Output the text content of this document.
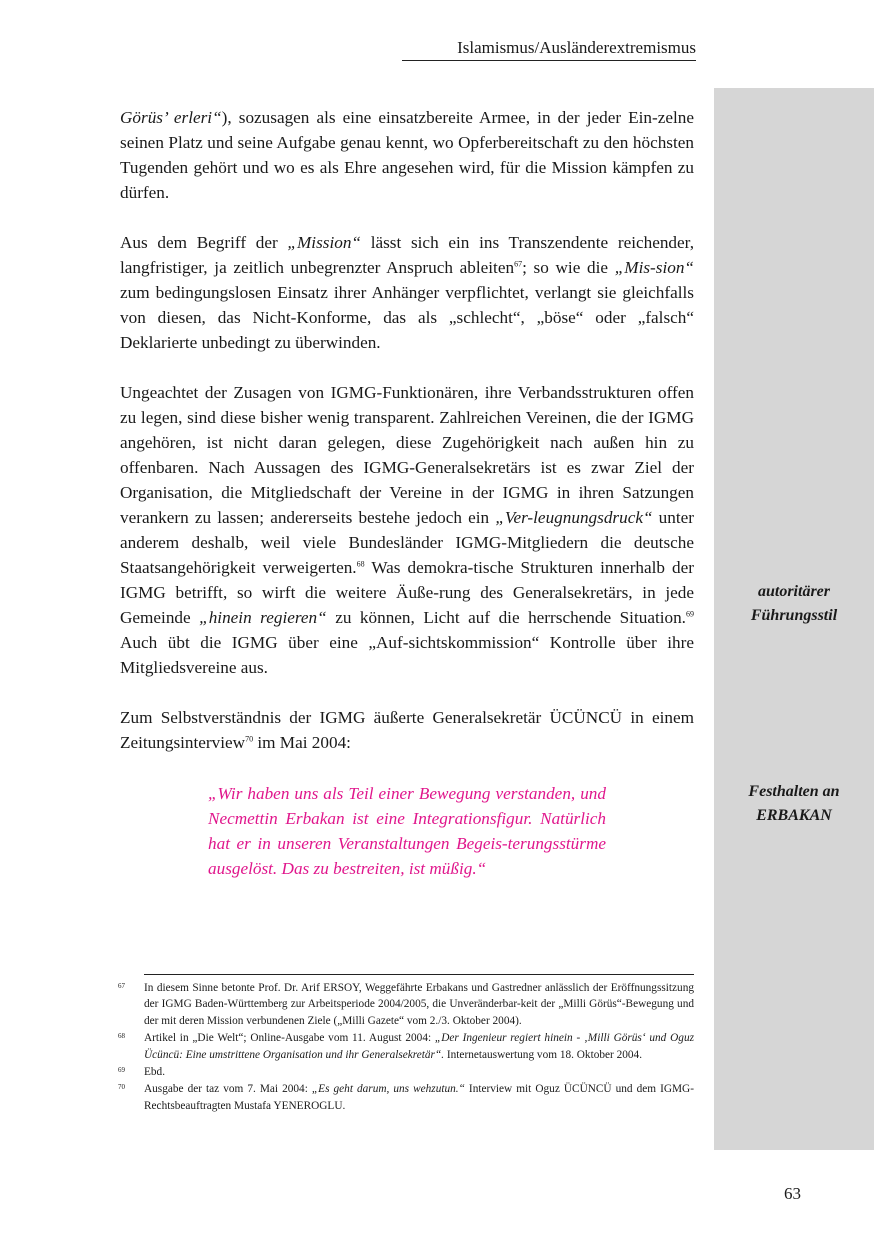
Islamismus/Ausländerextremismus
autoritärer
Führungsstil
Festhalten an
ERBAKAN

Görüs’ erleri“), sozusagen als eine einsatzbereite Armee, in der jeder Ein-zelne seinen Platz und seine Aufgabe genau kennt, wo Opferbereitschaft zu den höchsten Tugenden gehört und wo es als Ehre angesehen wird, für die Mission kämpfen zu dürfen.

Aus dem Begriff der „Mission“ lässt sich ein ins Transzendente reichender, langfristiger, ja zeitlich unbegrenzter Anspruch ableiten$^{67}$; so wie die „Mis-sion“ zum bedingungslosen Einsatz ihrer Anhänger verpflichtet, verlangt sie gleichfalls von diesen, das Nicht-Konforme, das als „schlecht“, „böse“ oder „falsch“ Deklarierte unbedingt zu überwinden.

Ungeachtet der Zusagen von IGMG-Funktionären, ihre Verbandsstrukturen offen zu legen, sind diese bisher wenig transparent. Zahlreichen Vereinen, die der IGMG angehören, ist nicht daran gelegen, diese Zugehörigkeit nach außen hin zu offenbaren. Nach Aussagen des IGMG-Generalsekretärs ist es zwar Ziel der Organisation, die Mitgliedschaft der Vereine in der IGMG in ihren Satzungen verankern zu lassen; andererseits bestehe jedoch ein „Ver-leugnungsdruck“ unter anderem deshalb, weil viele Bundesländer IGMG-Mitgliedern die deutsche Staatsangehörigkeit verweigerten.$^{68}$ Was demokra-tische Strukturen innerhalb der IGMG betrifft, so wirft die weitere Äuße-rung des Generalsekretärs, in jede Gemeinde „hinein regieren“ zu können, Licht auf die herrschende Situation.$^{69}$ Auch übt die IGMG über eine „Auf-sichtskommission“ Kontrolle über ihre Mitgliedsvereine aus.

Zum Selbstverständnis der IGMG äußerte Generalsekretär ÜCÜNCÜ in einem Zeitungsinterview$^{70}$ im Mai 2004:

„Wir haben uns als Teil einer Bewegung verstanden, und Necmettin Erbakan ist eine Integrationsfigur. Natürlich hat er in unseren Veranstaltungen Begeis-terungsstürme ausgelöst. Das zu bestreiten, ist müßig.“

67 In diesem Sinne betonte Prof. Dr. Arif ERSOY, Weggefährte Erbakans und Gastredner anlässlich der Eröffnungssitzung der IGMG Baden-Württemberg zur Arbeitsperiode 2004/2005, die Unveränderbar-keit der „Milli Görüs“-Bewegung und der mit deren Mission verbundenen Ziele („Milli Gazete“ vom 2./3. Oktober 2004).
68 Artikel in „Die Welt“; Online-Ausgabe vom 11. August 2004: „Der Ingenieur regiert hinein - ‚Milli Görüs‘ und Oguz Ücüncü: Eine umstrittene Organisation und ihr Generalsekretär“. Internetauswertung vom 18. Oktober 2004.
69 Ebd.
70 Ausgabe der taz vom 7. Mai 2004: „Es geht darum, uns wehzutun.“ Interview mit Oguz ÜCÜNCÜ und dem IGMG-Rechtsbeauftragten Mustafa YENEROGLU.
63
